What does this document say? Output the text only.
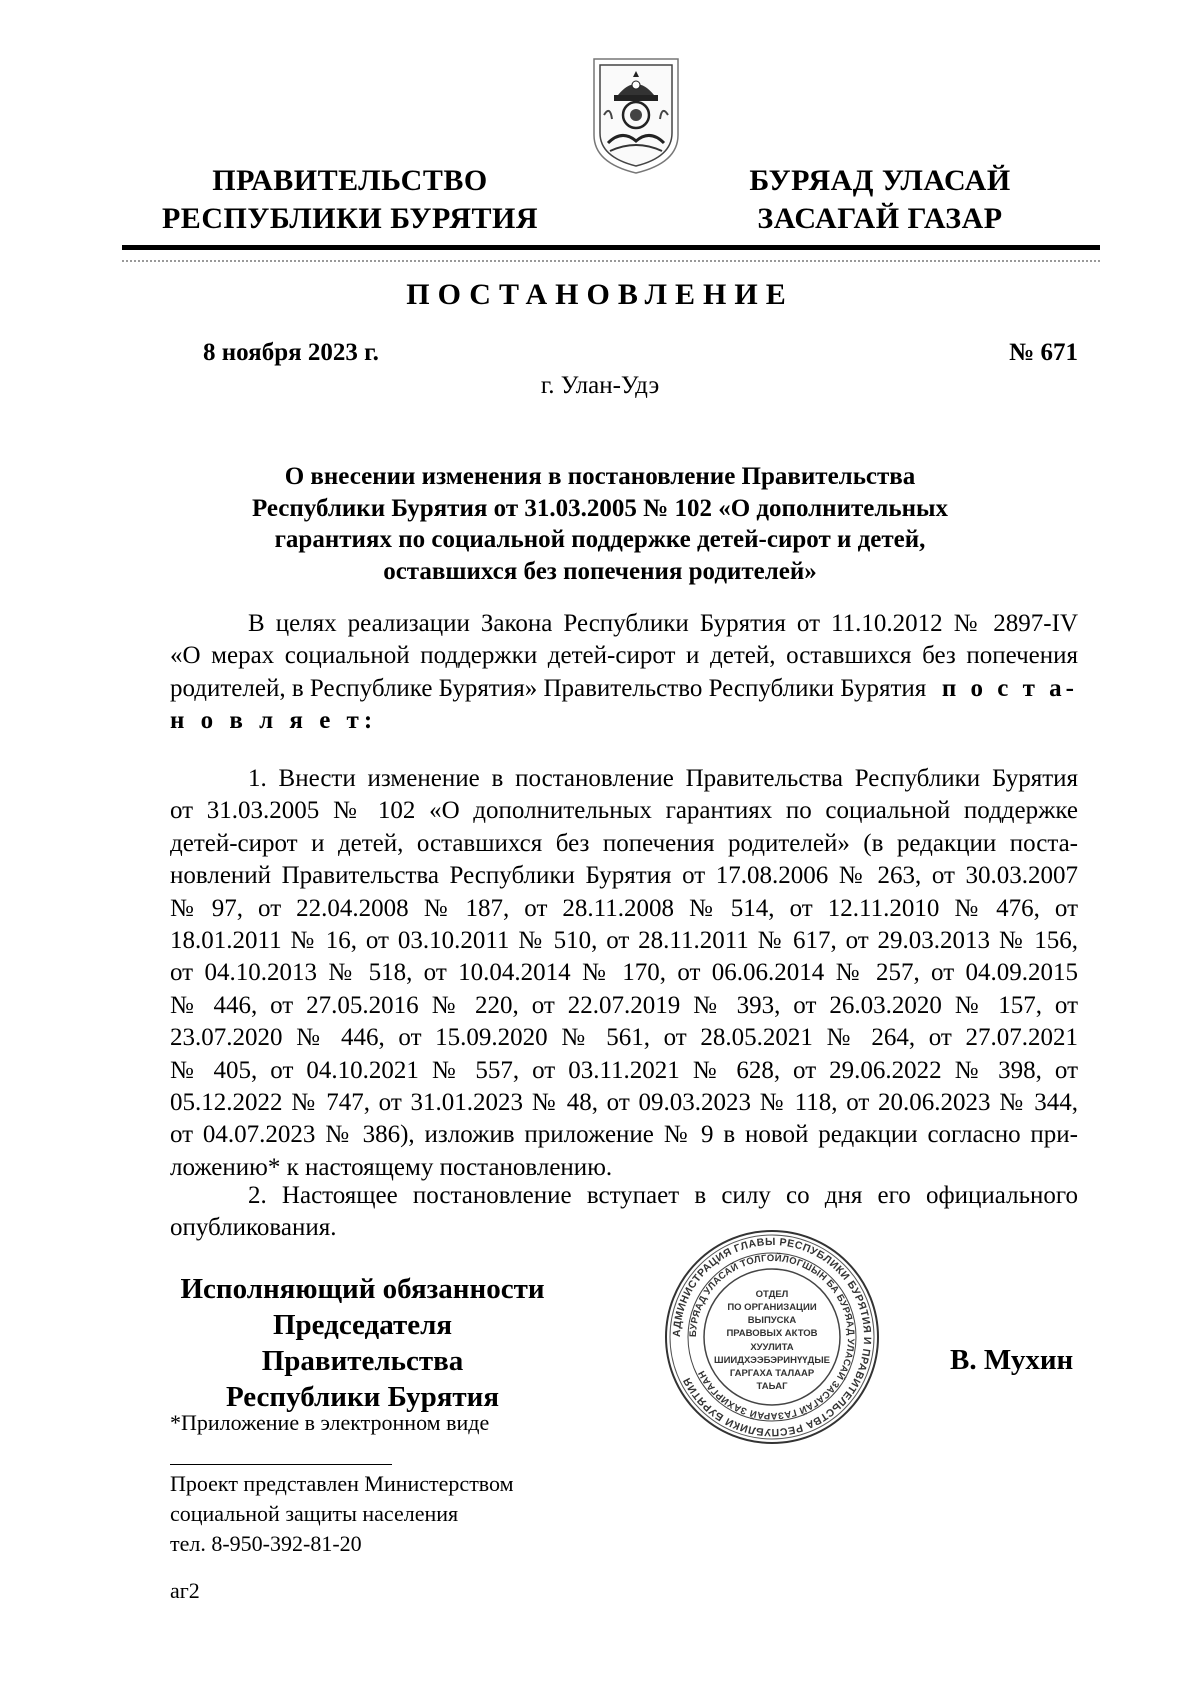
ПРАВИТЕЛЬСТВО
РЕСПУБЛИКИ БУРЯТИЯ
БУРЯАД УЛАСАЙ
ЗАСАГАЙ ГАЗАР
ПОСТАНОВЛЕНИЕ
8 ноября 2023 г.	№ 671
г. Улан-Удэ
О внесении изменения в постановление Правительства
Республики Бурятия от 31.03.2005 № 102 «О дополнительных
гарантиях по социальной поддержке детей-сирот и детей,
оставшихся без попечения родителей»
В целях реализации Закона Республики Бурятия от 11.10.2012 № 2897-IV
«О мерах социальной поддержки детей-сирот и детей, оставшихся без попечения
родителей, в Республике Бурятия» Правительство Республики Бурятия п о с т а-
н о в л я е т:
1. Внести изменение в постановление Правительства Республики Бурятия
от 31.03.2005 № 102 «О дополнительных гарантиях по социальной поддержке
детей-сирот и детей, оставшихся без попечения родителей» (в редакции поста-
новлений Правительства Республики Бурятия от 17.08.2006 № 263, от 30.03.2007
№ 97, от 22.04.2008 № 187, от 28.11.2008 № 514, от 12.11.2010 № 476, от
18.01.2011 № 16, от 03.10.2011 № 510, от 28.11.2011 № 617, от 29.03.2013 № 156,
от 04.10.2013 № 518, от 10.04.2014 № 170, от 06.06.2014 № 257, от 04.09.2015
№ 446, от 27.05.2016 № 220, от 22.07.2019 № 393, от 26.03.2020 № 157, от
23.07.2020 № 446, от 15.09.2020 № 561, от 28.05.2021 № 264, от 27.07.2021
№ 405, от 04.10.2021 № 557, от 03.11.2021 № 628, от 29.06.2022 № 398, от
05.12.2022 № 747, от 31.01.2023 № 48, от 09.03.2023 № 118, от 20.06.2023 № 344,
от 04.07.2023 № 386), изложив приложение № 9 в новой редакции согласно при-
ложению* к настоящему постановлению.
2. Настоящее постановление вступает в силу со дня его официального
опубликования.
Исполняющий обязанности
Председателя Правительства
Республики Бурятия
В. Мухин
АДМИНИСТРАЦИЯ ГЛАВЫ РЕСПУБЛИКИ БУРЯТИЯ И ПРАВИТЕЛЬСТВА РЕСПУБЛИКИ БУРЯТИЯ
БУРЯАД УЛАСАЙ ТОЛГОЙЛОГШЫН БА БУРЯАД УЛАСАЙ ЗАСАГАЙ ГАЗАРАЙ ЗАХИРГААН
ОТДЕЛ
ПО ОРГАНИЗАЦИИ
ВЫПУСКА
ПРАВОВЫХ АКТОВ
ХУУЛИТА
ШИИДХЭЭБЭРИНҮҮДЫЕ
ГАРГАХА ТАЛААР
ТАЬАГ
*Приложение в электронном виде
Проект представлен Министерством
социальной защиты населения
тел. 8-950-392-81-20
аг2
